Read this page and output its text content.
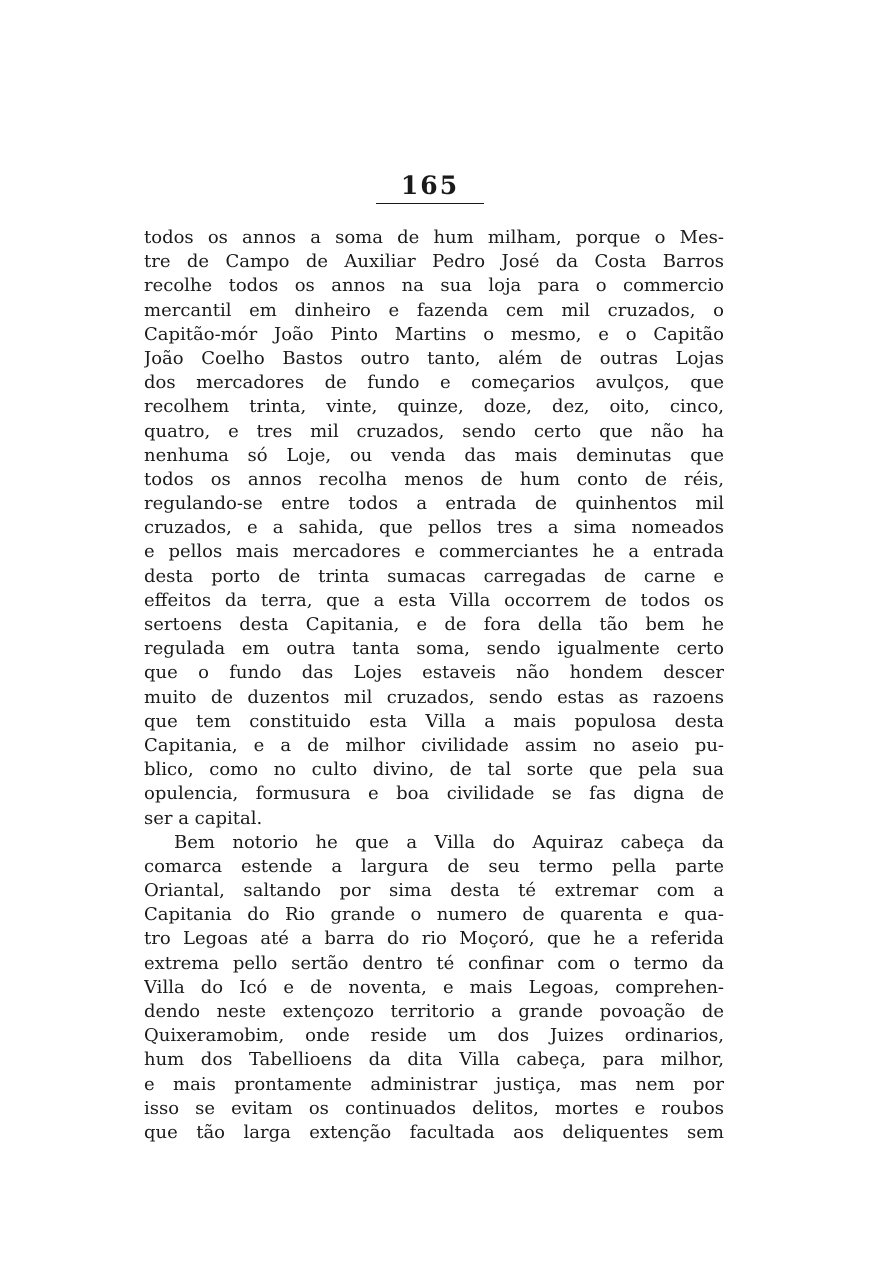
165
todos os annos a soma de hum milham, porque o Mes-
tre de Campo de Auxiliar Pedro José da Costa Barros
recolhe todos os annos na sua loja para o commercio
mercantil em dinheiro e fazenda cem mil cruzados, o
Capitão-mór João Pinto Martins o mesmo, e o Capitão
João Coelho Bastos outro tanto, além de outras Lojas
dos mercadores de fundo e começarios avulços, que
recolhem trinta, vinte, quinze, doze, dez, oito, cinco,
quatro, e tres mil cruzados, sendo certo que não ha
nenhuma só Loje, ou venda das mais deminutas que
todos os annos recolha menos de hum conto de réis,
regulando-se entre todos a entrada de quinhentos mil
cruzados, e a sahida, que pellos tres a sima nomeados
e pellos mais mercadores e commerciantes he a entrada
desta porto de trinta sumacas carregadas de carne e
effeitos da terra, que a esta Villa occorrem de todos os
sertoens desta Capitania, e de fora della tão bem he
regulada em outra tanta soma, sendo igualmente certo
que o fundo das Lojes estaveis não hondem descer
muito de duzentos mil cruzados, sendo estas as razoens
que tem constituido esta Villa a mais populosa desta
Capitania, e a de milhor civilidade assim no aseio pu-
blico, como no culto divino, de tal sorte que pela sua
opulencia, formusura e boa civilidade se fas digna de
ser a capital.
Bem notorio he que a Villa do Aquiraz cabeça da
comarca estende a largura de seu termo pella parte
Oriantal, saltando por sima desta té extremar com a
Capitania do Rio grande o numero de quarenta e qua-
tro Legoas até a barra do rio Moçoró, que he a referida
extrema pello sertão dentro té confinar com o termo da
Villa do Icó e de noventa, e mais Legoas, comprehen-
dendo neste extençozo territorio a grande povoação de
Quixeramobim, onde reside um dos Juizes ordinarios,
hum dos Tabellioens da dita Villa cabeça, para milhor,
e mais prontamente administrar justiça, mas nem por
isso se evitam os continuados delitos, mortes e roubos
que tão larga extenção facultada aos deliquentes sem
